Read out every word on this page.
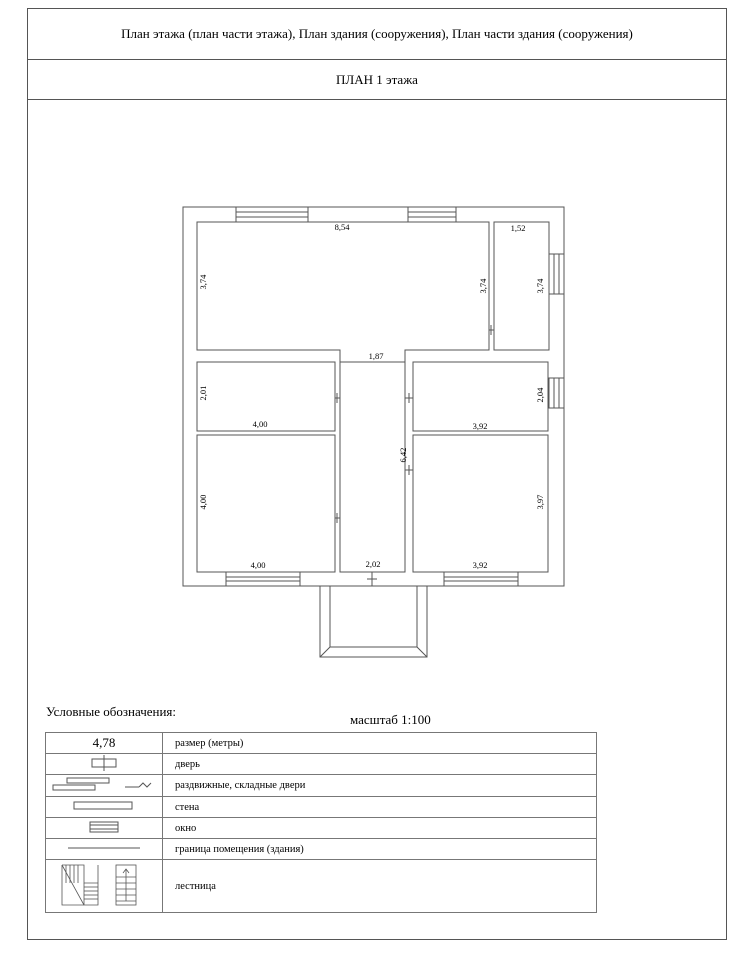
План этажа (план части этажа), План здания (сооружения), План части здания (сооружения)
ПЛАН 1 этажа
8,54
3,74	3,74
1,52
3,74
1,87
2,01
4,00
2,04
3,92
6,42
4,00
4,00	2,02
3,97
3,92
Условные обозначения:
масштаб 1:100
4,78	размер (метры)
	дверь
	раздвижные, складные двери
	стена
	окно
	граница помещения (здания)
	лестница
